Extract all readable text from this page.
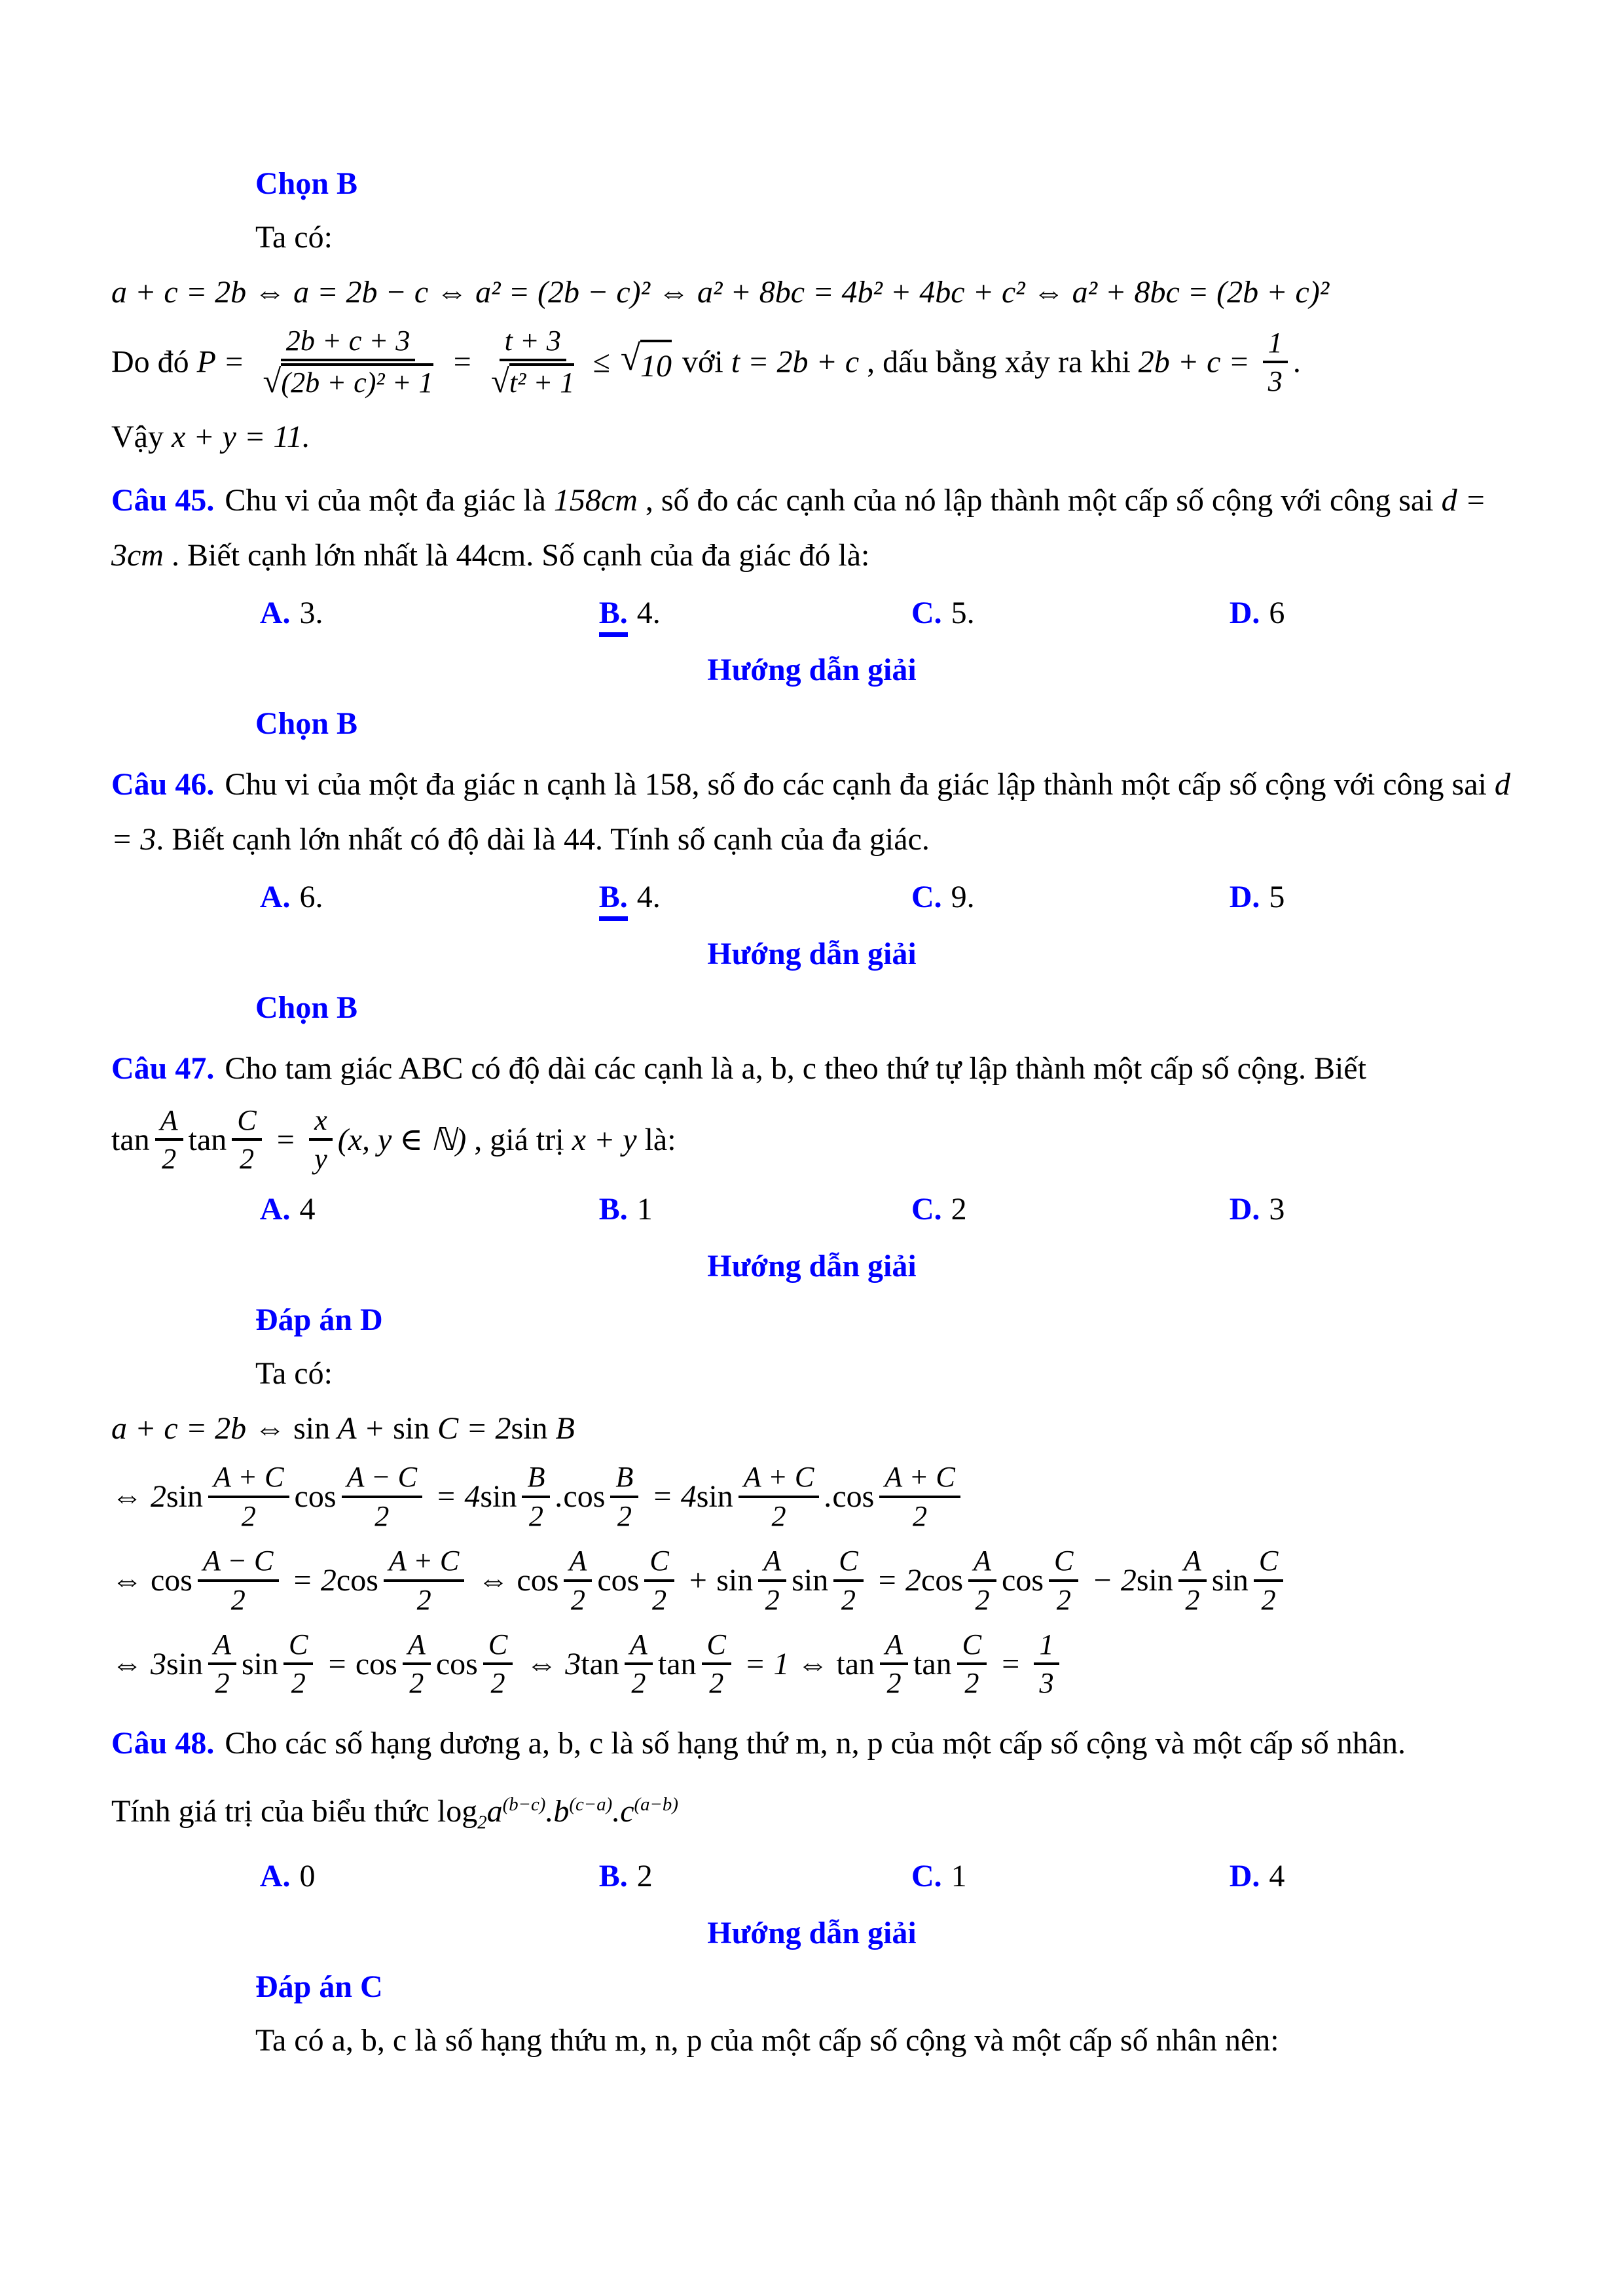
Chọn B

Ta có:

a + c = 2b ⇔ a = 2b − c ⇔ a² = (2b − c)² ⇔ a² + 8bc = 4b² + 4bc + c² ⇔ a² + 8bc = (2b + c)²
Do đó $P = \frac{2b + c + 3}{\text{√(2b + c)² + 1}} = \frac{t + 3}{\text{√t² + 1}}$ ≤ √ 10 với t = 2b + c , dấu bằng xảy ra khi $2b + c = \frac{1}{3}$ .
Vậy x + y = 11.

Câu 45. Chu vi của một đa giác là 158cm , số đo các cạnh của nó lập thành một cấp số cộng với công sai d = 3cm . Biết cạnh lớn nhất là 44cm. Số cạnh của đa giác đó là:

A. 3.	B. 4.	C. 5.	D. 6

Hướng dẫn giải

Chọn B

Câu 46. Chu vi của một đa giác n cạnh là 158, số đo các cạnh đa giác lập thành một cấp số cộng với công sai d = 3. Biết cạnh lớn nhất có độ dài là 44. Tính số cạnh của đa giác.

A. 6.	B. 4.	C. 9.	D. 5

Hướng dẫn giải

Chọn B

Câu 47. Cho tam giác ABC có độ dài các cạnh là a, b, c theo thứ tự lập thành một cấp số cộng. Biết

$\tan \frac{A}{2}$ $\tan \frac{C}{2} = \frac{x}{y} (x$, y ∈ ℕ) , giá trị x + y là:
A. 4	B. 1	C. 2	D. 3

Hướng dẫn giải

Đáp án D

Ta có:

a + c = 2b ⇔ sin A + sin C = 2sin B
⇔ $2\sin \frac{A + C}{2}$ $\cos \frac{A - C}{2} = 4\sin \frac{B}{2} .\cos \frac{B}{2} = 4\sin \frac{A + C}{2} .\cos \frac{A + C}{2}$
⇔ $\cos \frac{A - C}{2} = 2\cos \frac{A + C}{2}$ ⇔ $\cos \frac{A}{2}$ $\cos \frac{C}{2} + \sin \frac{A}{2}$ $\sin \frac{C}{2} = 2\cos \frac{A}{2}$ $\cos \frac{C}{2} - 2\sin \frac{A}{2}$ $\sin \frac{C}{2}$
⇔ $3\sin \frac{A}{2}$ $\sin \frac{C}{2} = \cos \frac{A}{2}$ $\cos \frac{C}{2}$ ⇔ $3\tan \frac{A}{2}$ $\tan \frac{C}{2} = 1$ ⇔ $\tan \frac{A}{2}$ $\tan \frac{C}{2} = \frac{1}{3}$

Câu 48. Cho các số hạng dương a, b, c là số hạng thứ m, n, p của một cấp số cộng và một cấp số nhân.

Tính giá trị của biểu thức $\log_2a^{(b-c)}.b^{(c-a)}.c^{(a-b)}$
A. 0	B. 2	C. 1	D. 4

Hướng dẫn giải

Đáp án C

Ta có a, b, c là số hạng thứu m, n, p của một cấp số cộng và một cấp số nhân nên:
